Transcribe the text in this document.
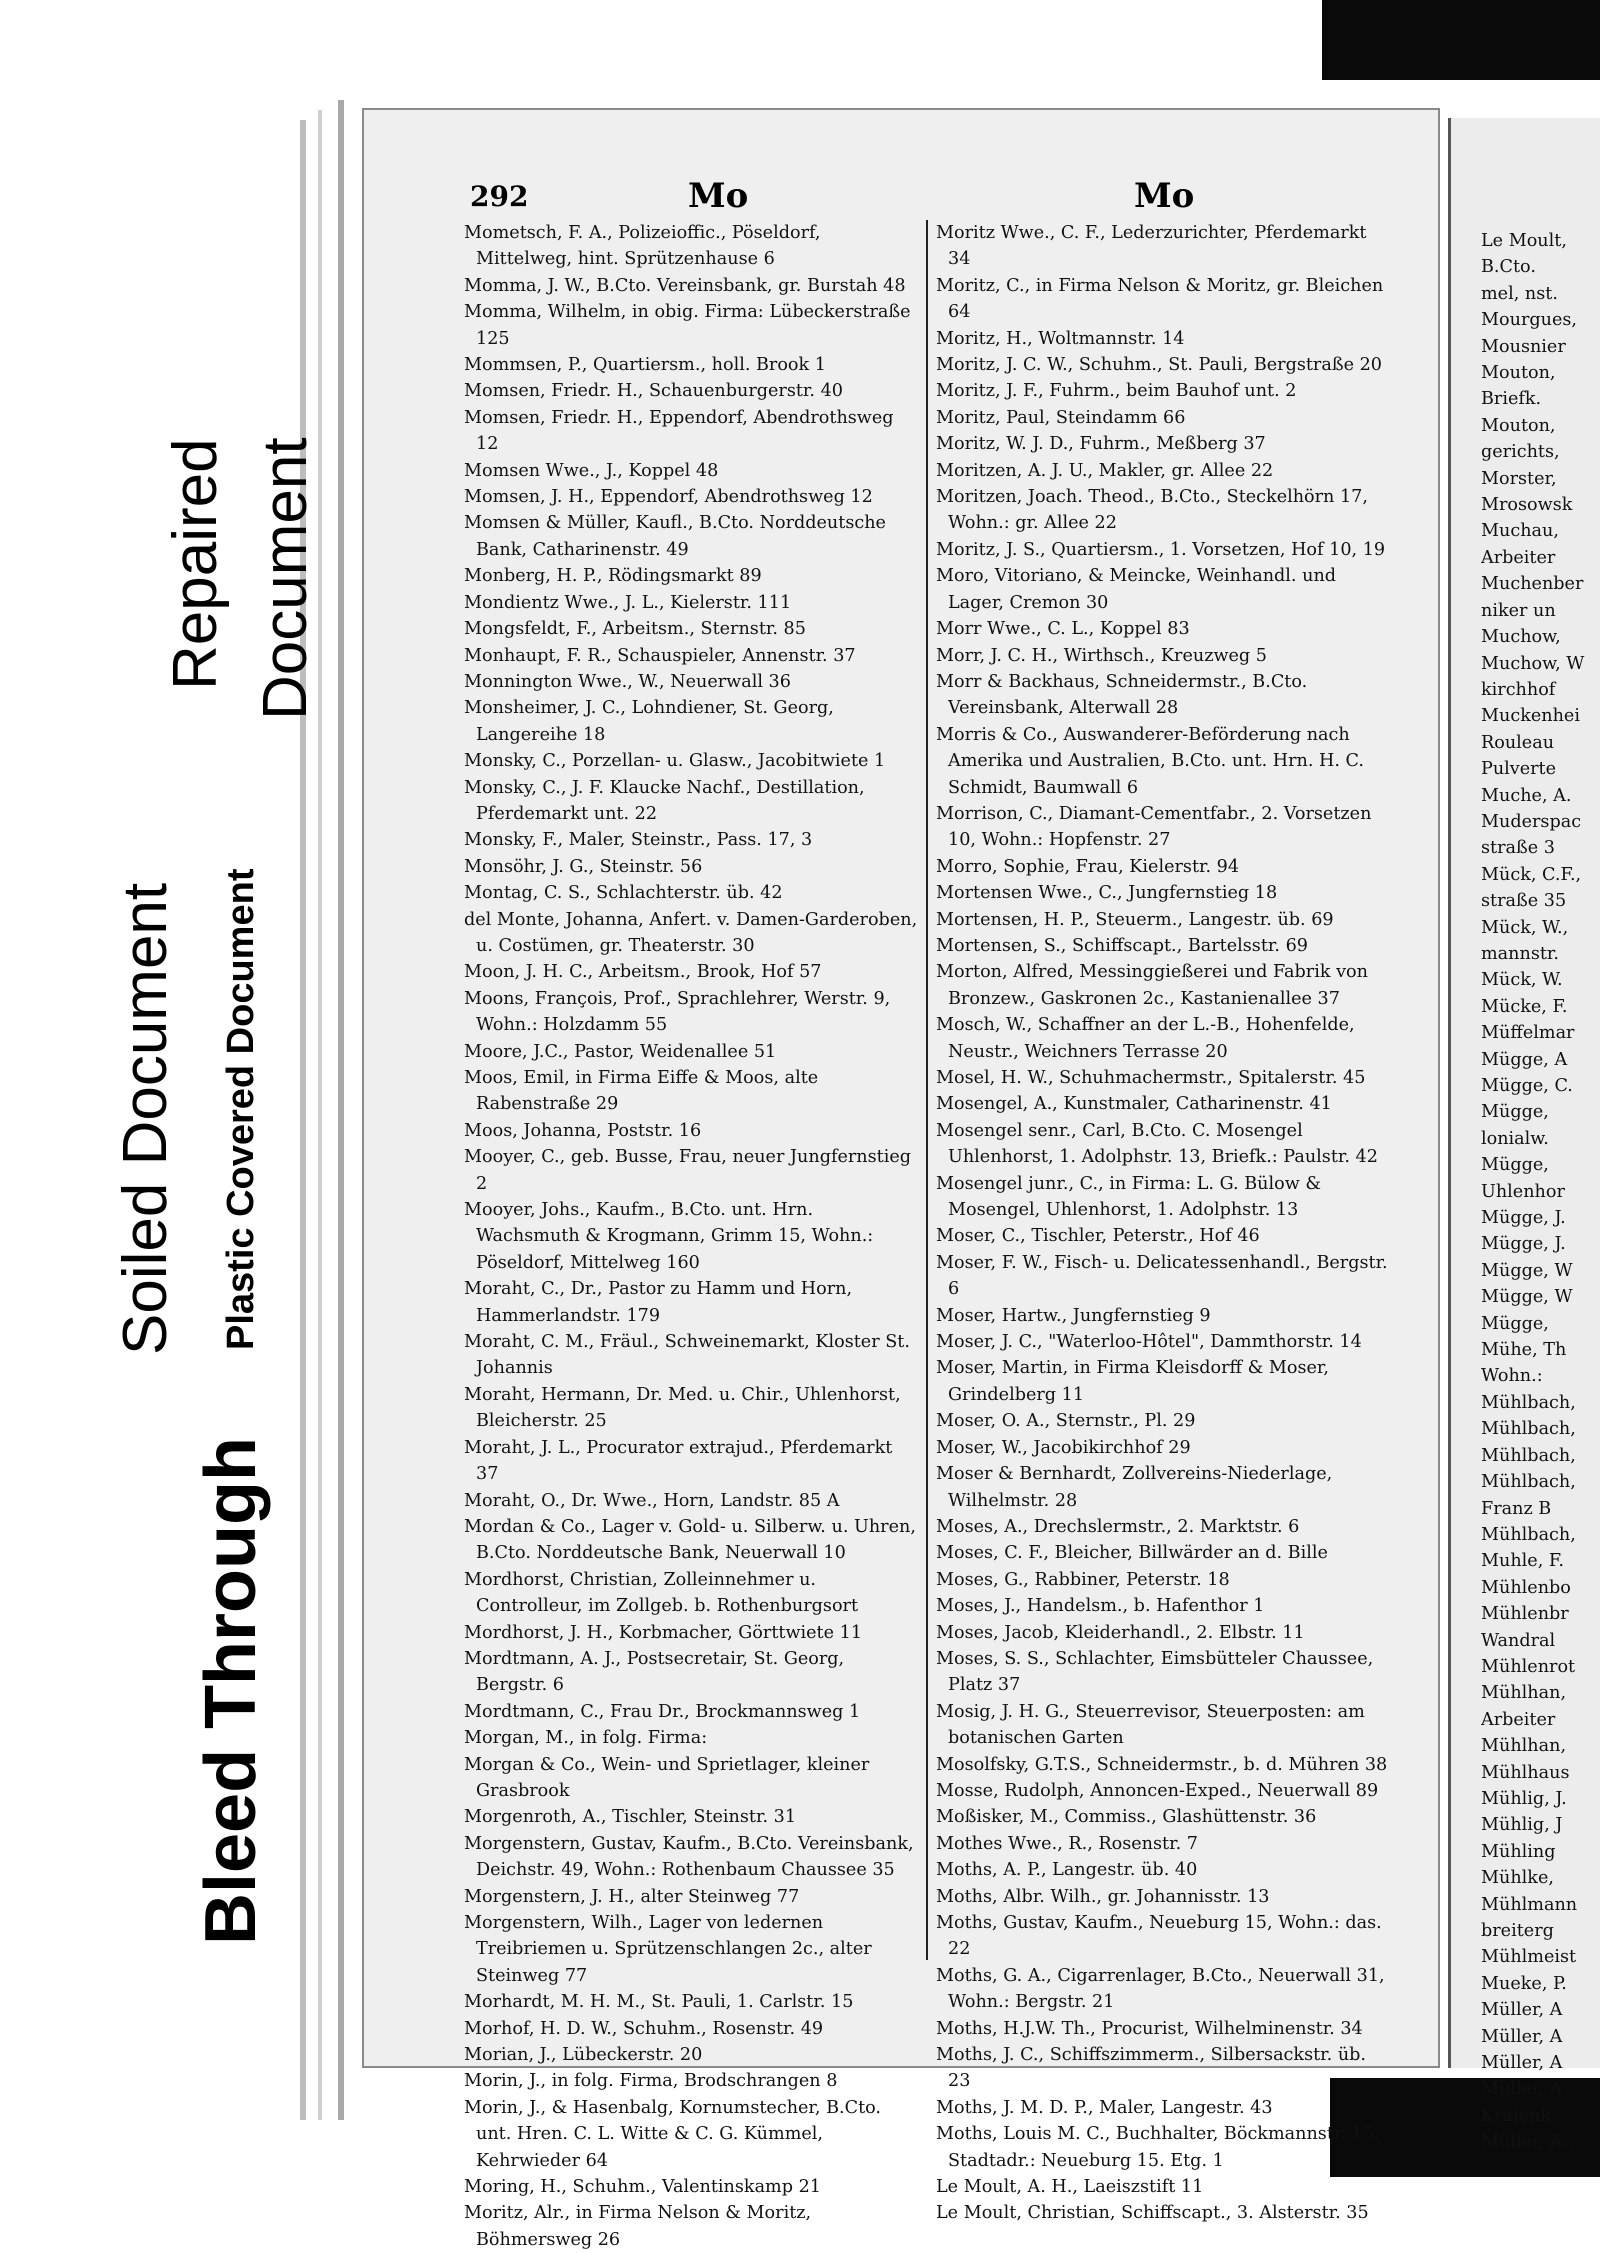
Repaired Document
Soiled Document Plastic Covered Document
Bleed Through
292	Mo	Mo

Mometsch, F. A., Polizeioffic., Pöseldorf, Mittelweg, hint. Sprützenhause 6

Momma, J. W., B.Cto. Vereinsbank, gr. Burstah 48

Momma, Wilhelm, in obig. Firma: Lübeckerstraße 125

Mommsen, P., Quartiersm., holl. Brook 1

Momsen, Friedr. H., Schauenburgerstr. 40

Momsen, Friedr. H., Eppendorf, Abendrothsweg 12

Momsen Wwe., J., Koppel 48

Momsen, J. H., Eppendorf, Abendrothsweg 12

Momsen & Müller, Kaufl., B.Cto. Norddeutsche Bank, Catharinenstr. 49

Monberg, H. P., Rödingsmarkt 89

Mondientz Wwe., J. L., Kielerstr. 111

Mongsfeldt, F., Arbeitsm., Sternstr. 85

Monhaupt, F. R., Schauspieler, Annenstr. 37

Monnington Wwe., W., Neuerwall 36

Monsheimer, J. C., Lohndiener, St. Georg, Langereihe 18

Monsky, C., Porzellan- u. Glasw., Jacobitwiete 1

Monsky, C., J. F. Klaucke Nachf., Destillation, Pferdemarkt unt. 22

Monsky, F., Maler, Steinstr., Pass. 17, 3

Monsöhr, J. G., Steinstr. 56

Montag, C. S., Schlachterstr. üb. 42

del Monte, Johanna, Anfert. v. Damen-Garderoben, u. Costümen, gr. Theaterstr. 30

Moon, J. H. C., Arbeitsm., Brook, Hof 57

Moons, François, Prof., Sprachlehrer, Werstr. 9, Wohn.: Holzdamm 55

Moore, J.C., Pastor, Weidenallee 51

Moos, Emil, in Firma Eiffe & Moos, alte Rabenstraße 29

Moos, Johanna, Poststr. 16

Mooyer, C., geb. Busse, Frau, neuer Jungfernstieg 2

Mooyer, Johs., Kaufm., B.Cto. unt. Hrn. Wachsmuth & Krogmann, Grimm 15, Wohn.: Pöseldorf, Mittelweg 160

Moraht, C., Dr., Pastor zu Hamm und Horn, Hammerlandstr. 179

Moraht, C. M., Fräul., Schweinemarkt, Kloster St. Johannis

Moraht, Hermann, Dr. Med. u. Chir., Uhlenhorst, Bleicherstr. 25

Moraht, J. L., Procurator extrajud., Pferdemarkt 37

Moraht, O., Dr. Wwe., Horn, Landstr. 85 A

Mordan & Co., Lager v. Gold- u. Silberw. u. Uhren, B.Cto. Norddeutsche Bank, Neuerwall 10

Mordhorst, Christian, Zolleinnehmer u. Controlleur, im Zollgeb. b. Rothenburgsort

Mordhorst, J. H., Korbmacher, Görttwiete 11

Mordtmann, A. J., Postsecretair, St. Georg, Bergstr. 6

Mordtmann, C., Frau Dr., Brockmannsweg 1

Morgan, M., in folg. Firma:

Morgan & Co., Wein- und Sprietlager, kleiner Grasbrook

Morgenroth, A., Tischler, Steinstr. 31

Morgenstern, Gustav, Kaufm., B.Cto. Vereinsbank, Deichstr. 49, Wohn.: Rothenbaum Chaussee 35

Morgenstern, J. H., alter Steinweg 77

Morgenstern, Wilh., Lager von ledernen Treibriemen u. Sprützenschlangen 2c., alter Steinweg 77

Morhardt, M. H. M., St. Pauli, 1. Carlstr. 15

Morhof, H. D. W., Schuhm., Rosenstr. 49

Morian, J., Lübeckerstr. 20

Morin, J., in folg. Firma, Brodschrangen 8

Morin, J., & Hasenbalg, Kornumstecher, B.Cto. unt. Hren. C. L. Witte & C. G. Kümmel, Kehrwieder 64

Moring, H., Schuhm., Valentinskamp 21

Moritz, Alr., in Firma Nelson & Moritz, Böhmersweg 26

Moritz Wwe., C. F., Lederzurichter, Pferdemarkt 34

Moritz, C., in Firma Nelson & Moritz, gr. Bleichen 64

Moritz, H., Woltmannstr. 14

Moritz, J. C. W., Schuhm., St. Pauli, Bergstraße 20

Moritz, J. F., Fuhrm., beim Bauhof unt. 2

Moritz, Paul, Steindamm 66

Moritz, W. J. D., Fuhrm., Meßberg 37

Moritzen, A. J. U., Makler, gr. Allee 22

Moritzen, Joach. Theod., B.Cto., Steckelhörn 17, Wohn.: gr. Allee 22

Moritz, J. S., Quartiersm., 1. Vorsetzen, Hof 10, 19

Moro, Vitoriano, & Meincke, Weinhandl. und Lager, Cremon 30

Morr Wwe., C. L., Koppel 83

Morr, J. C. H., Wirthsch., Kreuzweg 5

Morr & Backhaus, Schneidermstr., B.Cto. Vereinsbank, Alterwall 28

Morris & Co., Auswanderer-Beförderung nach Amerika und Australien, B.Cto. unt. Hrn. H. C. Schmidt, Baumwall 6

Morrison, C., Diamant-Cementfabr., 2. Vorsetzen 10, Wohn.: Hopfenstr. 27

Morro, Sophie, Frau, Kielerstr. 94

Mortensen Wwe., C., Jungfernstieg 18

Mortensen, H. P., Steuerm., Langestr. üb. 69

Mortensen, S., Schiffscapt., Bartelsstr. 69

Morton, Alfred, Messinggießerei und Fabrik von Bronzew., Gaskronen 2c., Kastanienallee 37

Mosch, W., Schaffner an der L.-B., Hohenfelde, Neustr., Weichners Terrasse 20

Mosel, H. W., Schuhmachermstr., Spitalerstr. 45

Mosengel, A., Kunstmaler, Catharinenstr. 41

Mosengel senr., Carl, B.Cto. C. Mosengel Uhlenhorst, 1. Adolphstr. 13, Briefk.: Paulstr. 42

Mosengel junr., C., in Firma: L. G. Bülow & Mosengel, Uhlenhorst, 1. Adolphstr. 13

Moser, C., Tischler, Peterstr., Hof 46

Moser, F. W., Fisch- u. Delicatessenhandl., Bergstr. 6

Moser, Hartw., Jungfernstieg 9

Moser, J. C., "Waterloo-Hôtel", Dammthorstr. 14

Moser, Martin, in Firma Kleisdorff & Moser, Grindelberg 11

Moser, O. A., Sternstr., Pl. 29

Moser, W., Jacobikirchhof 29

Moser & Bernhardt, Zollvereins-Niederlage, Wilhelmstr. 28

Moses, A., Drechslermstr., 2. Marktstr. 6

Moses, C. F., Bleicher, Billwärder an d. Bille

Moses, G., Rabbiner, Peterstr. 18

Moses, J., Handelsm., b. Hafenthor 1

Moses, Jacob, Kleiderhandl., 2. Elbstr. 11

Moses, S. S., Schlachter, Eimsbütteler Chaussee, Platz 37

Mosig, J. H. G., Steuerrevisor, Steuerposten: am botanischen Garten

Mosolfsky, G.T.S., Schneidermstr., b. d. Mühren 38

Mosse, Rudolph, Annoncen-Exped., Neuerwall 89

Moßisker, M., Commiss., Glashüttenstr. 36

Mothes Wwe., R., Rosenstr. 7

Moths, A. P., Langestr. üb. 40

Moths, Albr. Wilh., gr. Johannisstr. 13

Moths, Gustav, Kaufm., Neueburg 15, Wohn.: das. 22

Moths, G. A., Cigarrenlager, B.Cto., Neuerwall 31, Wohn.: Bergstr. 21

Moths, H.J.W. Th., Procurist, Wilhelminenstr. 34

Moths, J. C., Schiffszimmerm., Silbersackstr. üb. 23

Moths, J. M. D. P., Maler, Langestr. 43

Moths, Louis M. C., Buchhalter, Böckmannstr. 15, Stadtadr.: Neueburg 15. Etg. 1

Le Moult, A. H., Laeiszstift 11

Le Moult, Christian, Schiffscapt., 3. Alsterstr. 35

Le Moult,

B.Cto.

mel, nst.

Mourgues,

Mousnier

Mouton,

Briefk.

Mouton,

gerichts,

Morster,

Mrosowsk

Muchau,

Arbeiter

Muchenber

niker un

Muchow,

Muchow, W

kirchhof

Muckenhei

Rouleau

Pulverte

Muche, A.

Muderspac

straße 3

Mück, C.F.,

straße 35

Mück, W.,

mannstr.

Mück, W.

Mücke, F.

Müffelmar

Mügge, A

Mügge, C.

Mügge,

lonialw.

Mügge,

Uhlenhor

Mügge, J.

Mügge, J.

Mügge, W

Mügge, W

Mügge,

Mühe, Th

Wohn.:

Mühlbach,

Mühlbach,

Mühlbach,

Mühlbach,

Franz B

Mühlbach,

Muhle, F.

Mühlenbo

Mühlenbr

Wandral

Mühlenrot

Mühlhan,

Arbeiter

Mühlhan,

Mühlhaus

Mühlig, J.

Mühlig, J

Mühling

Mühlke,

Mühlmann

breiterg

Mühlmeist

Mueke, P.

Müller, A

Müller, A

Müller, A

Müller, A

Kraienk

Müller, A.,
